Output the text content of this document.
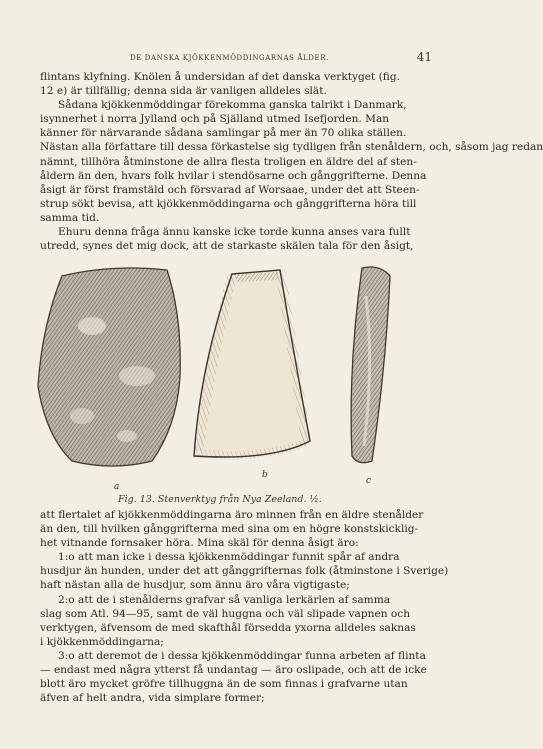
DE DANSKA KJÖKKENMÖDDINGARNAS ÅLDER.	41
flintans klyfning. Knölen å undersidan af det danska verktyget (fig.
12 e) är tillfällig; denna sida är vanligen alldeles slät.
Sådana kjökkenmöddingar förekomma ganska talrikt i Danmark,
isynnerhet i norra Jylland och på Själland utmed Isefjorden. Man
känner för närvarande sådana samlingar på mer än 70 olika ställen.
Nästan alla författare till dessa förkastelse sig tydligen från stenåldern, och, såsom jag redan
nämnt, tillhöra åtminstone de allra flesta troligen en äldre del af sten-
åldern än den, hvars folk hvilar i stendösarne och gånggrifterne. Denna
åsigt är först framstäld och försvarad af Worsaae, under det att Steen-
strup sökt bevisa, att kjökkenmöddingarna och gånggrifterna höra till
samma tid.
Ehuru denna fråga ännu kanske icke torde kunna anses vara fullt
utredd, synes det mig dock, att de starkaste skälen tala för den åsigt,
a
b
c
Fig. 13. Stenverktyg från Nya Zeeland. ½.
att flertalet af kjökkenmöddingarna äro minnen från en äldre stenålder
än den, till hvilken gånggrifterna med sina om en högre konstskicklig-
het vitnande fornsaker höra. Mina skäl för denna åsigt äro:
1:o att man icke i dessa kjökkenmöddingar funnit spår af andra
husdjur än hunden, under det att gånggrifternas folk (åtminstone i Sverige)
haft nästan alla de husdjur, som ännu äro våra vigtigaste;
2:o att de i stenålderns grafvar så vanliga lerkärlen af samma
slag som Atl. 94—95, samt de väl huggna och väl slipade vapnen och
verktygen, äfvensom de med skafthål försedda yxorna alldeles saknas
i kjökkenmöddingarna;
3:o att deremot de i dessa kjökkenmöddingar funna arbeten af flinta
— endast med några ytterst få undantag — äro oslipade, och att de icke
blott äro mycket gröfre tillhuggna än de som finnas i grafvarne utan
äfven af helt andra, vida simplare former;
